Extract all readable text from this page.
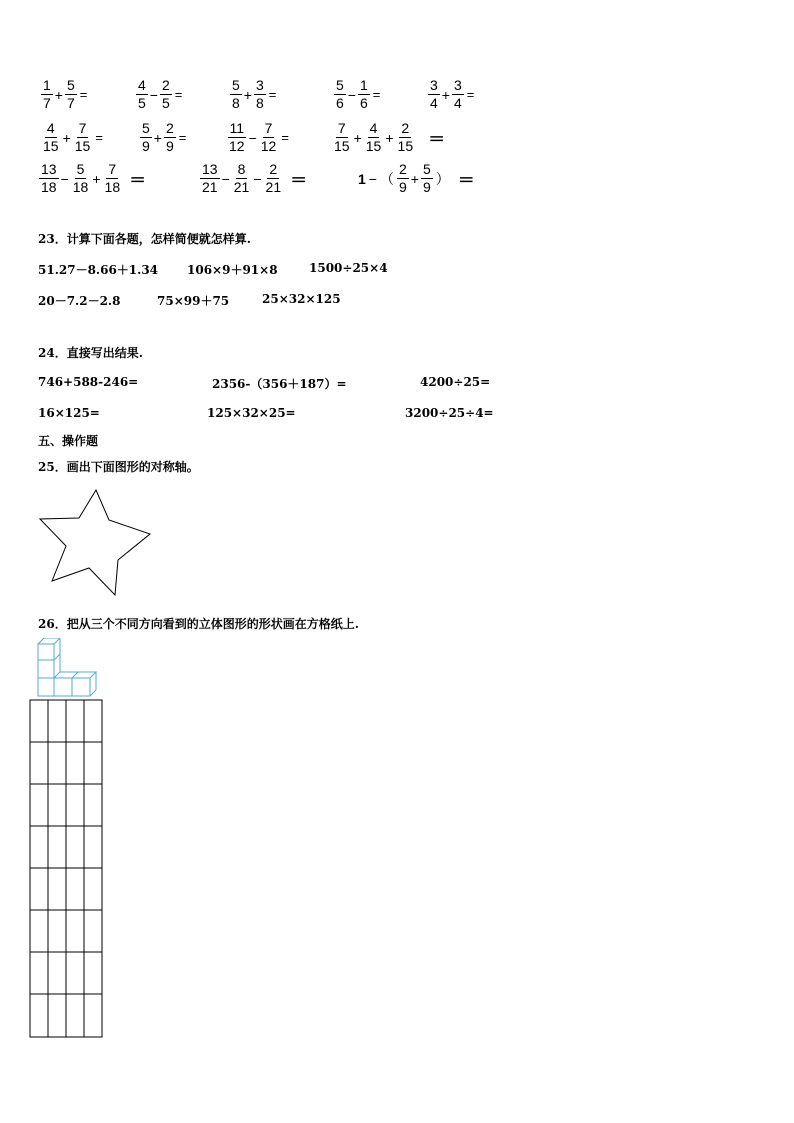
$\frac{1}{7} + \frac{5}{7}$ =	$\frac{4}{5} - \frac{2}{5}$ =	$\frac{5}{8} + \frac{3}{8}$ =	$\frac{5}{6} - \frac{1}{6}$ =	$\frac{3}{4} + \frac{3}{4}$ =
$\frac{4}{15} + \frac{7}{15}$ =	$\frac{5}{9} + \frac{2}{9}$ =	$\frac{11}{12} - \frac{7}{12}$ =	$\frac{7}{15} + \frac{4}{15} + \frac{2}{15}$ ＝
$\frac{13}{18} - \frac{5}{18} + \frac{7}{18}$ ＝	$\frac{13}{21} - \frac{8}{21} - \frac{2}{21}$ ＝	1 − （ $\frac{2}{9} + \frac{5}{9}$ ） ＝
23．计算下面各题，怎样简便就怎样算.
51.27－8.66＋1.34 106×9＋91×8	1500÷25×4
20－7.2－2.8	75×99＋75	25×32×125
24．直接写出结果.
746+588-246=	2356-（356＋187）=	4200÷25=
16×125=	125×32×25=	3200÷25÷4=
五、操作题
25．画出下面图形的对称轴。
26．把从三个不同方向看到的立体图形的形状画在方格纸上.
